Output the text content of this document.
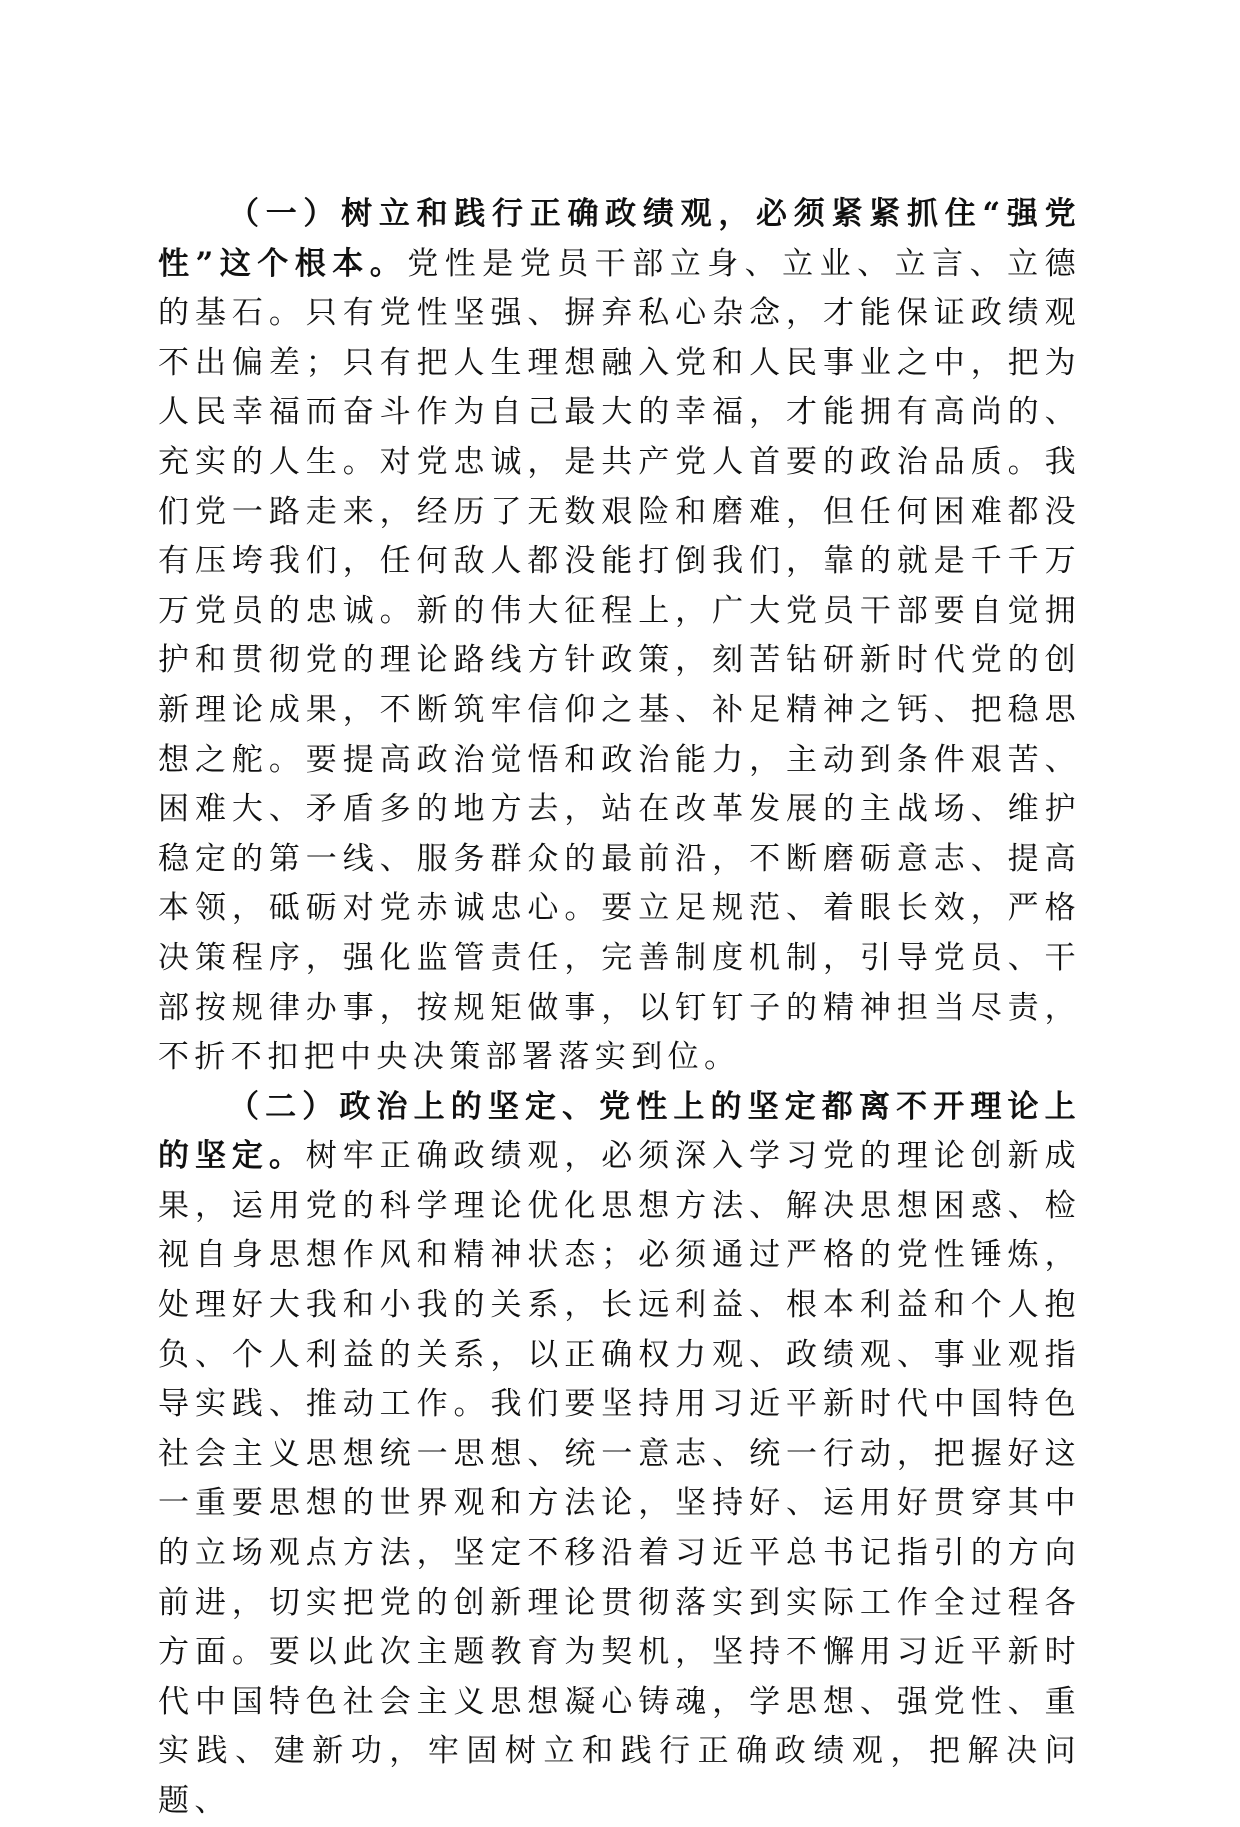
（一）树立和践行正确政绩观，必须紧紧抓住“强党性”这个根本。党性是党员干部立身、立业、立言、立德的基石。只有党性坚强、摒弃私心杂念，才能保证政绩观不出偏差；只有把人生理想融入党和人民事业之中，把为人民幸福而奋斗作为自己最大的幸福，才能拥有高尚的、充实的人生。对党忠诚，是共产党人首要的政治品质。我们党一路走来，经历了无数艰险和磨难，但任何困难都没有压垮我们，任何敌人都没能打倒我们，靠的就是千千万万党员的忠诚。新的伟大征程上，广大党员干部要自觉拥护和贯彻党的理论路线方针政策，刻苦钻研新时代党的创新理论成果，不断筑牢信仰之基、补足精神之钙、把稳思想之舵。要提高政治觉悟和政治能力，主动到条件艰苦、困难大、矛盾多的地方去，站在改革发展的主战场、维护稳定的第一线、服务群众的最前沿，不断磨砺意志、提高本领，砥砺对党赤诚忠心。要立足规范、着眼长效，严格决策程序，强化监管责任，完善制度机制，引导党员、干部按规律办事，按规矩做事，以钉钉子的精神担当尽责，不折不扣把中央决策部署落实到位。

（二）政治上的坚定、党性上的坚定都离不开理论上的坚定。树牢正确政绩观，必须深入学习党的理论创新成果，运用党的科学理论优化思想方法、解决思想困惑、检视自身思想作风和精神状态；必须通过严格的党性锤炼，处理好大我和小我的关系，长远利益、根本利益和个人抱负、个人利益的关系，以正确权力观、政绩观、事业观指导实践、推动工作。我们要坚持用习近平新时代中国特色社会主义思想统一思想、统一意志、统一行动，把握好这一重要思想的世界观和方法论，坚持好、运用好贯穿其中的立场观点方法，坚定不移沿着习近平总书记指引的方向前进，切实把党的创新理论贯彻落实到实际工作全过程各方面。要以此次主题教育为契机，坚持不懈用习近平新时代中国特色社会主义思想凝心铸魂，学思想、强党性、重实践、建新功，牢固树立和践行正确政绩观，把解决问题、
